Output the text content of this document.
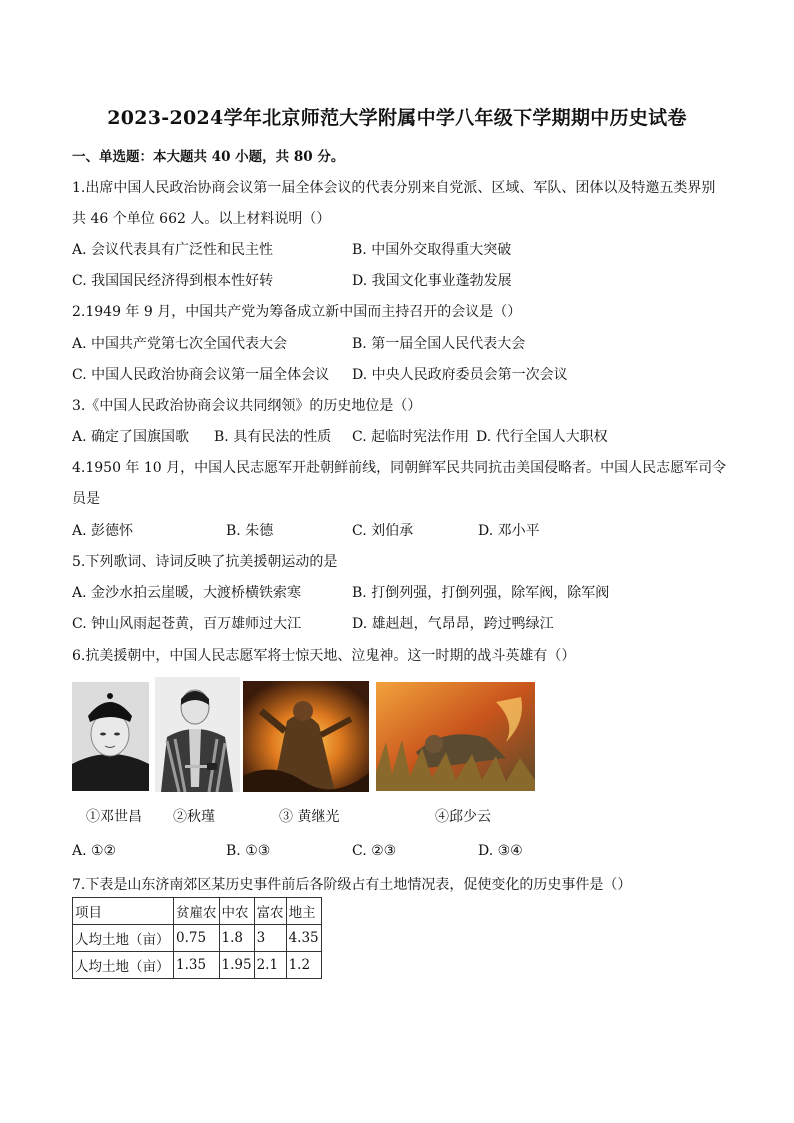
2023-2024学年北京师范大学附属中学八年级下学期期中历史试卷
一、单选题：本大题共 40 小题，共 80 分。
1.出席中国人民政治协商会议第一届全体会议的代表分别来自党派、区域、军队、团体以及特邀五类界别
共 46 个单位 662 人。以上材料说明（）
A. 会议代表具有广泛性和民主性	B. 中国外交取得重大突破
C. 我国国民经济得到根本性好转	D. 我国文化事业蓬勃发展
2.1949 年 9 月，中国共产党为筹备成立新中国而主持召开的会议是（）
A. 中国共产党第七次全国代表大会	B. 第一届全国人民代表大会
C. 中国人民政治协商会议第一届全体会议 D. 中央人民政府委员会第一次会议
3.《中国人民政治协商会议共同纲领》的历史地位是（）
A. 确定了国旗国歌 B. 具有民法的性质 C. 起临时宪法作用 D. 代行全国人大职权
4.1950 年 10 月，中国人民志愿军开赴朝鲜前线，同朝鲜军民共同抗击美国侵略者。中国人民志愿军司令
员是
A. 彭德怀	B. 朱德	C. 刘伯承	D. 邓小平
5.下列歌词、诗词反映了抗美援朝运动的是
A. 金沙水拍云崖暖，大渡桥横铁索寒	B. 打倒列强，打倒列强，除军阀，除军阀
C. 钟山风雨起苍黄，百万雄师过大江	D. 雄赳赳，气昂昂，跨过鸭绿江
6.抗美援朝中，中国人民志愿军将士惊天地、泣鬼神。这一时期的战斗英雄有（）
①邓世昌 ②秋瑾	③ 黄继光	④邱少云
A. ①②	B. ①③	C. ②③	D. ③④
7.下表是山东济南郊区某历史事件前后各阶级占有土地情况表，促使变化的历史事件是（）
项目	贫雇农	中农	富农	地主
人均土地（亩）	0.75	1.8	3	4.35
人均土地（亩）	1.35	1.95	2.1	1.2
